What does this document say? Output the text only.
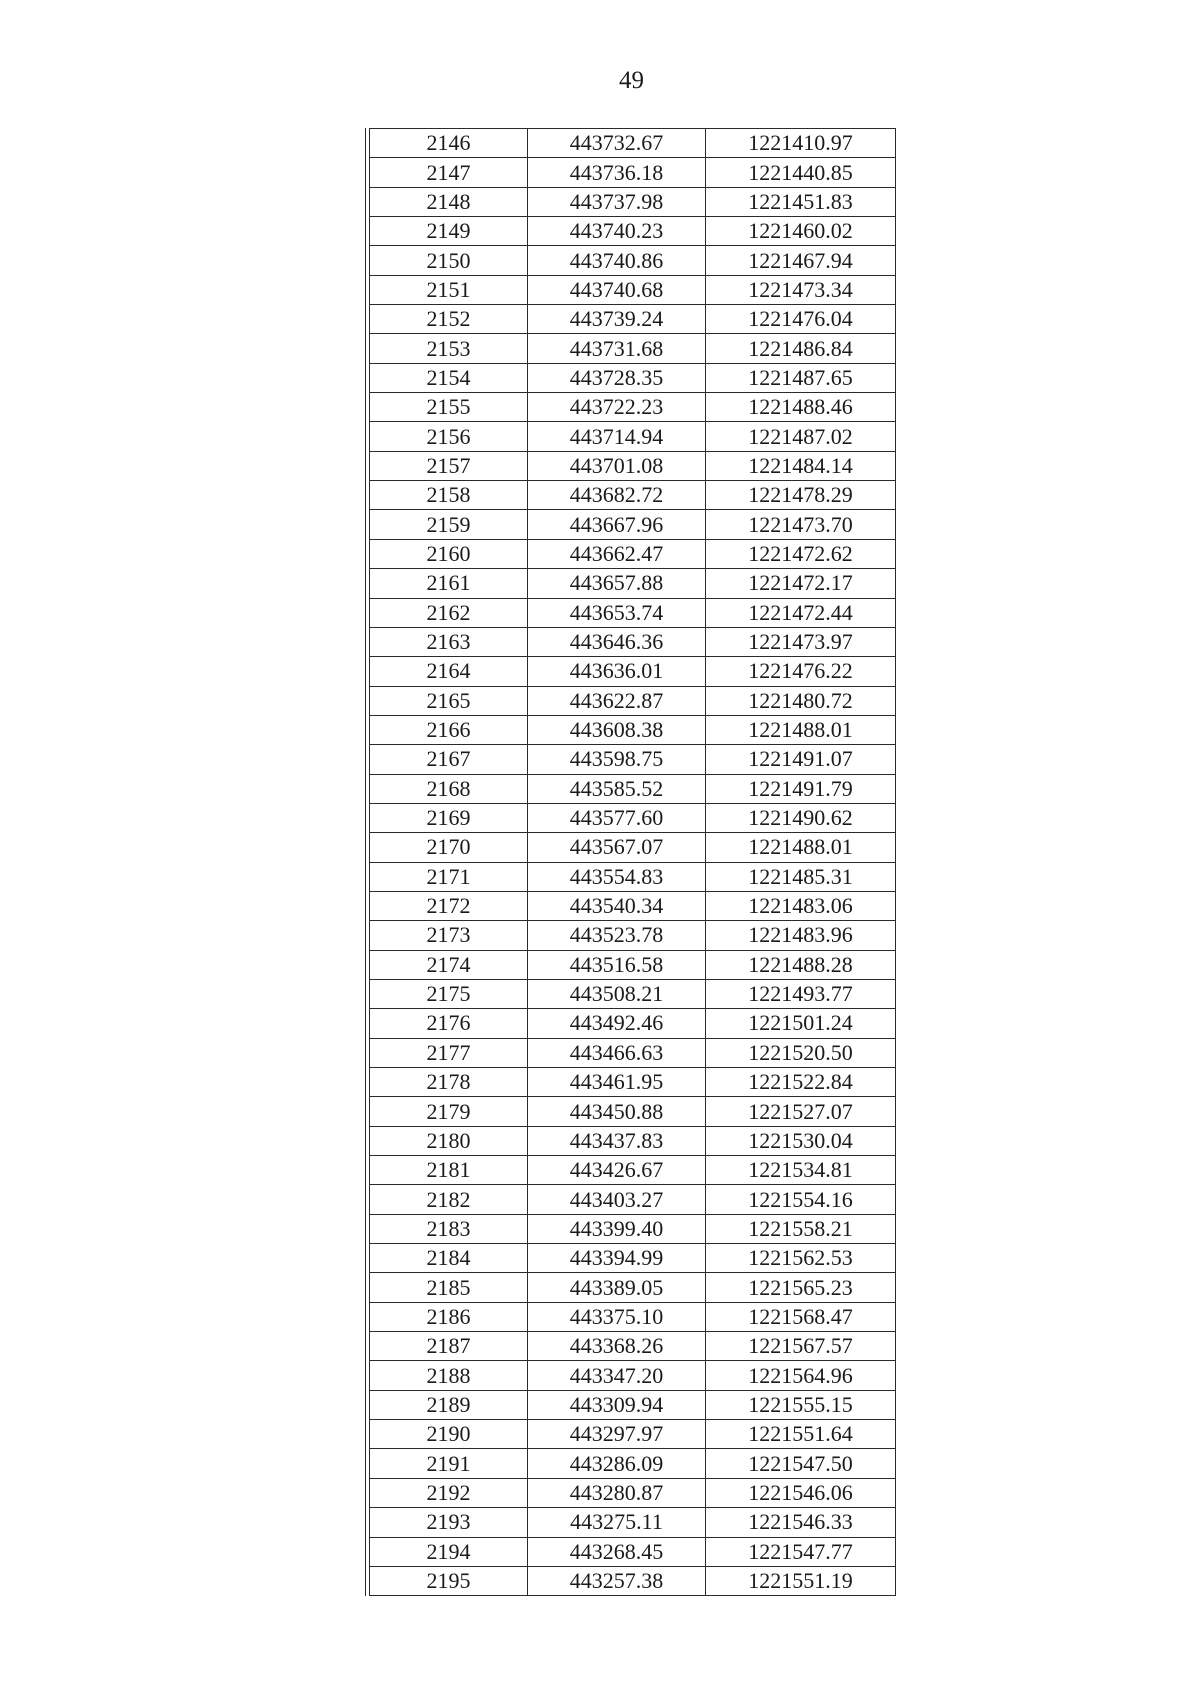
49
2146	443732.67	1221410.97
2147	443736.18	1221440.85
2148	443737.98	1221451.83
2149	443740.23	1221460.02
2150	443740.86	1221467.94
2151	443740.68	1221473.34
2152	443739.24	1221476.04
2153	443731.68	1221486.84
2154	443728.35	1221487.65
2155	443722.23	1221488.46
2156	443714.94	1221487.02
2157	443701.08	1221484.14
2158	443682.72	1221478.29
2159	443667.96	1221473.70
2160	443662.47	1221472.62
2161	443657.88	1221472.17
2162	443653.74	1221472.44
2163	443646.36	1221473.97
2164	443636.01	1221476.22
2165	443622.87	1221480.72
2166	443608.38	1221488.01
2167	443598.75	1221491.07
2168	443585.52	1221491.79
2169	443577.60	1221490.62
2170	443567.07	1221488.01
2171	443554.83	1221485.31
2172	443540.34	1221483.06
2173	443523.78	1221483.96
2174	443516.58	1221488.28
2175	443508.21	1221493.77
2176	443492.46	1221501.24
2177	443466.63	1221520.50
2178	443461.95	1221522.84
2179	443450.88	1221527.07
2180	443437.83	1221530.04
2181	443426.67	1221534.81
2182	443403.27	1221554.16
2183	443399.40	1221558.21
2184	443394.99	1221562.53
2185	443389.05	1221565.23
2186	443375.10	1221568.47
2187	443368.26	1221567.57
2188	443347.20	1221564.96
2189	443309.94	1221555.15
2190	443297.97	1221551.64
2191	443286.09	1221547.50
2192	443280.87	1221546.06
2193	443275.11	1221546.33
2194	443268.45	1221547.77
2195	443257.38	1221551.19
